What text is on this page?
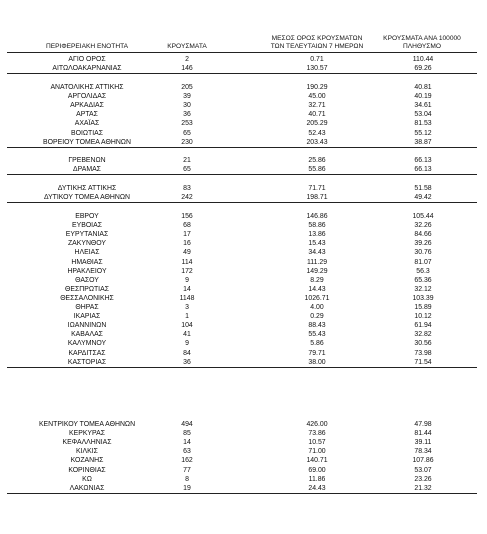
ΠΕΡΙΦΕΡΕΙΑΚΗ ΕΝΟΤΗΤΑ	ΚΡΟΥΣΜΑΤΑ
ΜΕΣΟΣ ΟΡΟΣ ΚΡΟΥΣΜΑΤΩΝ
ΤΩΝ ΤΕΛΕΥΤΑΙΩΝ 7 ΗΜΕΡΩΝ
ΚΡΟΥΣΜΑΤΑ ΑΝΑ 100000
ΠΛΗΘΥΣΜΟ
ΑΓΙΟ ΟΡΟΣ	2	0.71	110.44
ΑΙΤΩΛΟΑΚΑΡΝΑΝΙΑΣ	146	130.57	69.26
ΑΝΑΤΟΛΙΚΗΣ ΑΤΤΙΚΗΣ	205	190.29	40.81
ΑΡΓΟΛΙΔΑΣ	39	45.00	40.19
ΑΡΚΑΔΙΑΣ	30	32.71	34.61
ΑΡΤΑΣ	36	40.71	53.04
ΑΧΑΪΑΣ	253	205.29	81.53
ΒΟΙΩΤΙΑΣ	65	52.43	55.12
ΒΟΡΕΙΟΥ ΤΟΜΕΑ ΑΘΗΝΩΝ	230	203.43	38.87
ΓΡΕΒΕΝΩΝ	21	25.86	66.13
ΔΡΑΜΑΣ	65	55.86	66.13
ΔΥΤΙΚΗΣ ΑΤΤΙΚΗΣ	83	71.71	51.58
ΔΥΤΙΚΟΥ ΤΟΜΕΑ ΑΘΗΝΩΝ	242	198.71	49.42
ΕΒΡΟΥ	156	146.86	105.44
ΕΥΒΟΙΑΣ	68	58.86	32.26
ΕΥΡΥΤΑΝΙΑΣ	17	13.86	84.66
ΖΑΚΥΝΘΟΥ	16	15.43	39.26
ΗΛΕΙΑΣ	49	34.43	30.76
ΗΜΑΘΙΑΣ	114	111.29	81.07
ΗΡΑΚΛΕΙΟΥ	172	149.29	56.3
ΘΑΣΟΥ	9	8.29	65.36
ΘΕΣΠΡΩΤΙΑΣ	14	14.43	32.12
ΘΕΣΣΑΛΟΝΙΚΗΣ	1148	1026.71	103.39
ΘΗΡΑΣ	3	4.00	15.89
ΙΚΑΡΙΑΣ	1	0.29	10.12
ΙΩΑΝΝΙΝΩΝ	104	88.43	61.94
ΚΑΒΑΛΑΣ	41	55.43	32.82
ΚΑΛΥΜΝΟΥ	9	5.86	30.56
ΚΑΡΔΙΤΣΑΣ	84	79.71	73.98
ΚΑΣΤΟΡΙΑΣ	36	38.00	71.54
ΚΕΝΤΡΙΚΟΥ ΤΟΜΕΑ ΑΘΗΝΩΝ	494	426.00	47.98
ΚΕΡΚΥΡΑΣ	85	73.86	81.44
ΚΕΦΑΛΛΗΝΙΑΣ	14	10.57	39.11
ΚΙΛΚΙΣ	63	71.00	78.34
ΚΟΖΑΝΗΣ	162	140.71	107.86
ΚΟΡΙΝΘΙΑΣ	77	69.00	53.07
ΚΩ	8	11.86	23.26
ΛΑΚΩΝΙΑΣ	19	24.43	21.32
